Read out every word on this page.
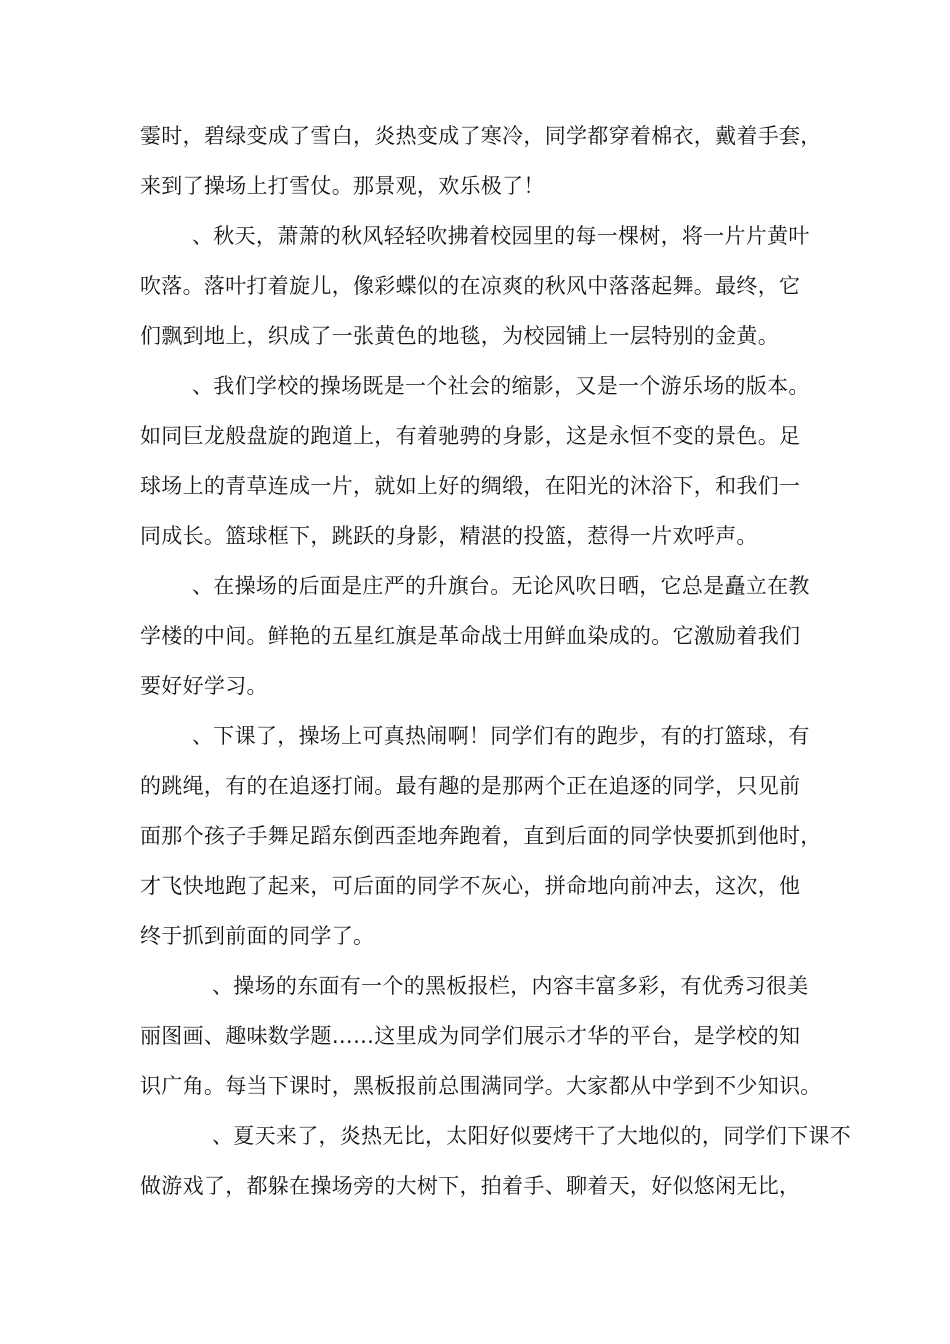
霎时，碧绿变成了雪白，炎热变成了寒冷，同学都穿着棉衣，戴着手套，
来到了操场上打雪仗。那景观，欢乐极了！
、秋天，萧萧的秋风轻轻吹拂着校园里的每一棵树，将一片片黄叶
吹落。落叶打着旋儿，像彩蝶似的在凉爽的秋风中落落起舞。最终，它
们飘到地上，织成了一张黄色的地毯，为校园铺上一层特别的金黄。
、我们学校的操场既是一个社会的缩影，又是一个游乐场的版本。
如同巨龙般盘旋的跑道上，有着驰骋的身影，这是永恒不变的景色。足
球场上的青草连成一片，就如上好的绸缎，在阳光的沐浴下，和我们一
同成长。篮球框下，跳跃的身影，精湛的投篮，惹得一片欢呼声。
、在操场的后面是庄严的升旗台。无论风吹日晒，它总是矗立在教
学楼的中间。鲜艳的五星红旗是革命战士用鲜血染成的。它激励着我们
要好好学习。
、下课了，操场上可真热闹啊！同学们有的跑步，有的打篮球，有
的跳绳，有的在追逐打闹。最有趣的是那两个正在追逐的同学，只见前
面那个孩子手舞足蹈东倒西歪地奔跑着，直到后面的同学快要抓到他时，
才飞快地跑了起来，可后面的同学不灰心，拼命地向前冲去，这次，他
终于抓到前面的同学了。
、操场的东面有一个的黑板报栏，内容丰富多彩，有优秀习很美
丽图画、趣味数学题……这里成为同学们展示才华的平台，是学校的知
识广角。每当下课时，黑板报前总围满同学。大家都从中学到不少知识。
、夏天来了，炎热无比，太阳好似要烤干了大地似的，同学们下课不
做游戏了，都躲在操场旁的大树下，拍着手、聊着天，好似悠闲无比，
